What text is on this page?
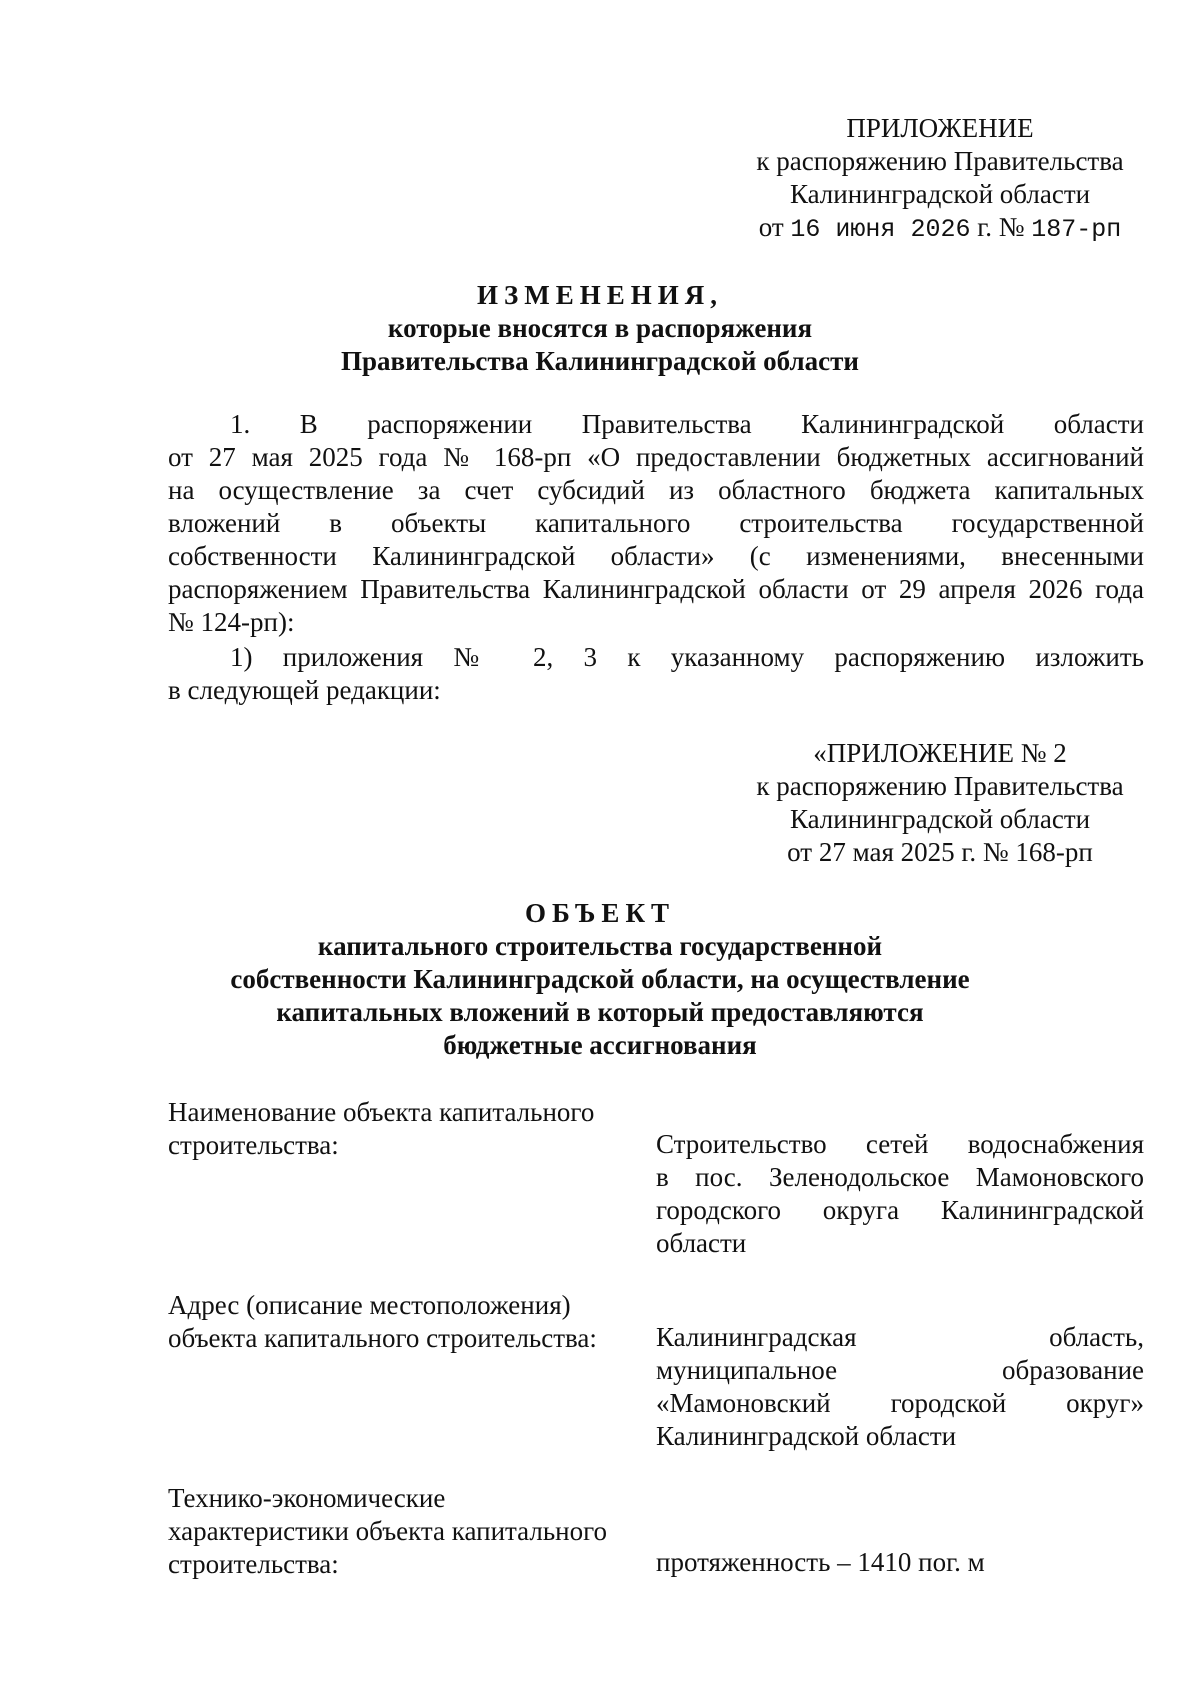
ПРИЛОЖЕНИЕ
к распоряжению Правительства
Калининградской области
от 16 июня 2026 г. № 187-рп
ИЗМЕНЕНИЯ,
которые вносятся в распоряжения
Правительства Калининградской области
1. В распоряжении Правительства Калининградской области
от 27 мая 2025 года № 168-рп «О предоставлении бюджетных ассигнований
на осуществление за счет субсидий из областного бюджета капитальных
вложений в объекты капитального строительства государственной
собственности Калининградской области» (с изменениями, внесенными
распоряжением Правительства Калининградской области от 29 апреля 2026 года
№ 124-рп):
1) приложения № 2, 3 к указанному распоряжению изложить
в следующей редакции:
«ПРИЛОЖЕНИЕ № 2
к распоряжению Правительства
Калининградской области
от 27 мая 2025 г. № 168-рп
ОБЪЕКТ
капитального строительства государственной
собственности Калининградской области, на осуществление
капитальных вложений в который предоставляются
бюджетные ассигнования
Наименование объекта капитального
строительства:	Строительство сетей водоснабжения
в пос. Зеленодольское Мамоновского
городского округа Калининградской
области
Адрес (описание местоположения)
объекта капитального строительства:	Калининградская область,
муниципальное образование
«Мамоновский городской округ»
Калининградской области
Технико-экономические
характеристики объекта капитального
строительства:	протяженность – 1410 пог. м
